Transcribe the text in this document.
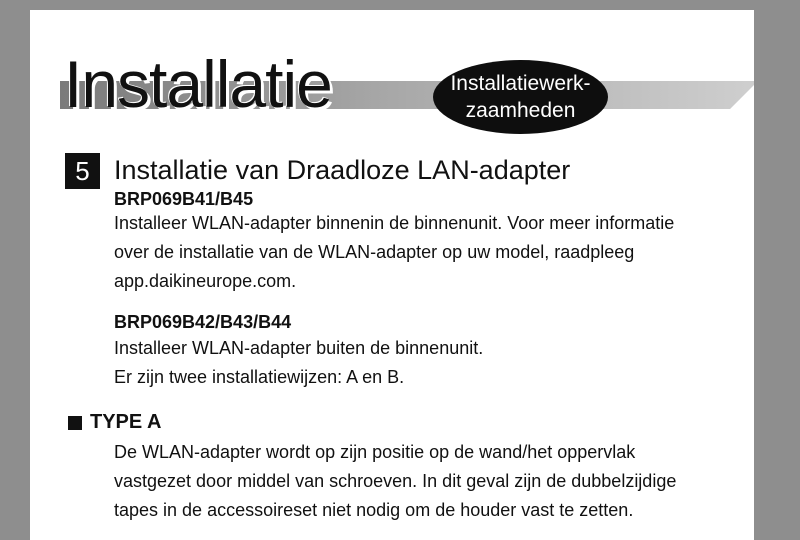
Installatie	Installatiewerk-
zaamheden
5 Installatie van Draadloze LAN-adapter
BRP069B41/B45
Installeer WLAN-adapter binnenin de binnenunit. Voor meer informatie
over de installatie van de WLAN-adapter op uw model, raadpleeg
app.daikineurope.com.
BRP069B42/B43/B44
Installeer WLAN-adapter buiten de binnenunit.
Er zijn twee installatiewijzen: A en B.
TYPE A
De WLAN-adapter wordt op zijn positie op de wand/het oppervlak
vastgezet door middel van schroeven. In dit geval zijn de dubbelzijdige
tapes in de accessoireset niet nodig om de houder vast te zetten.
